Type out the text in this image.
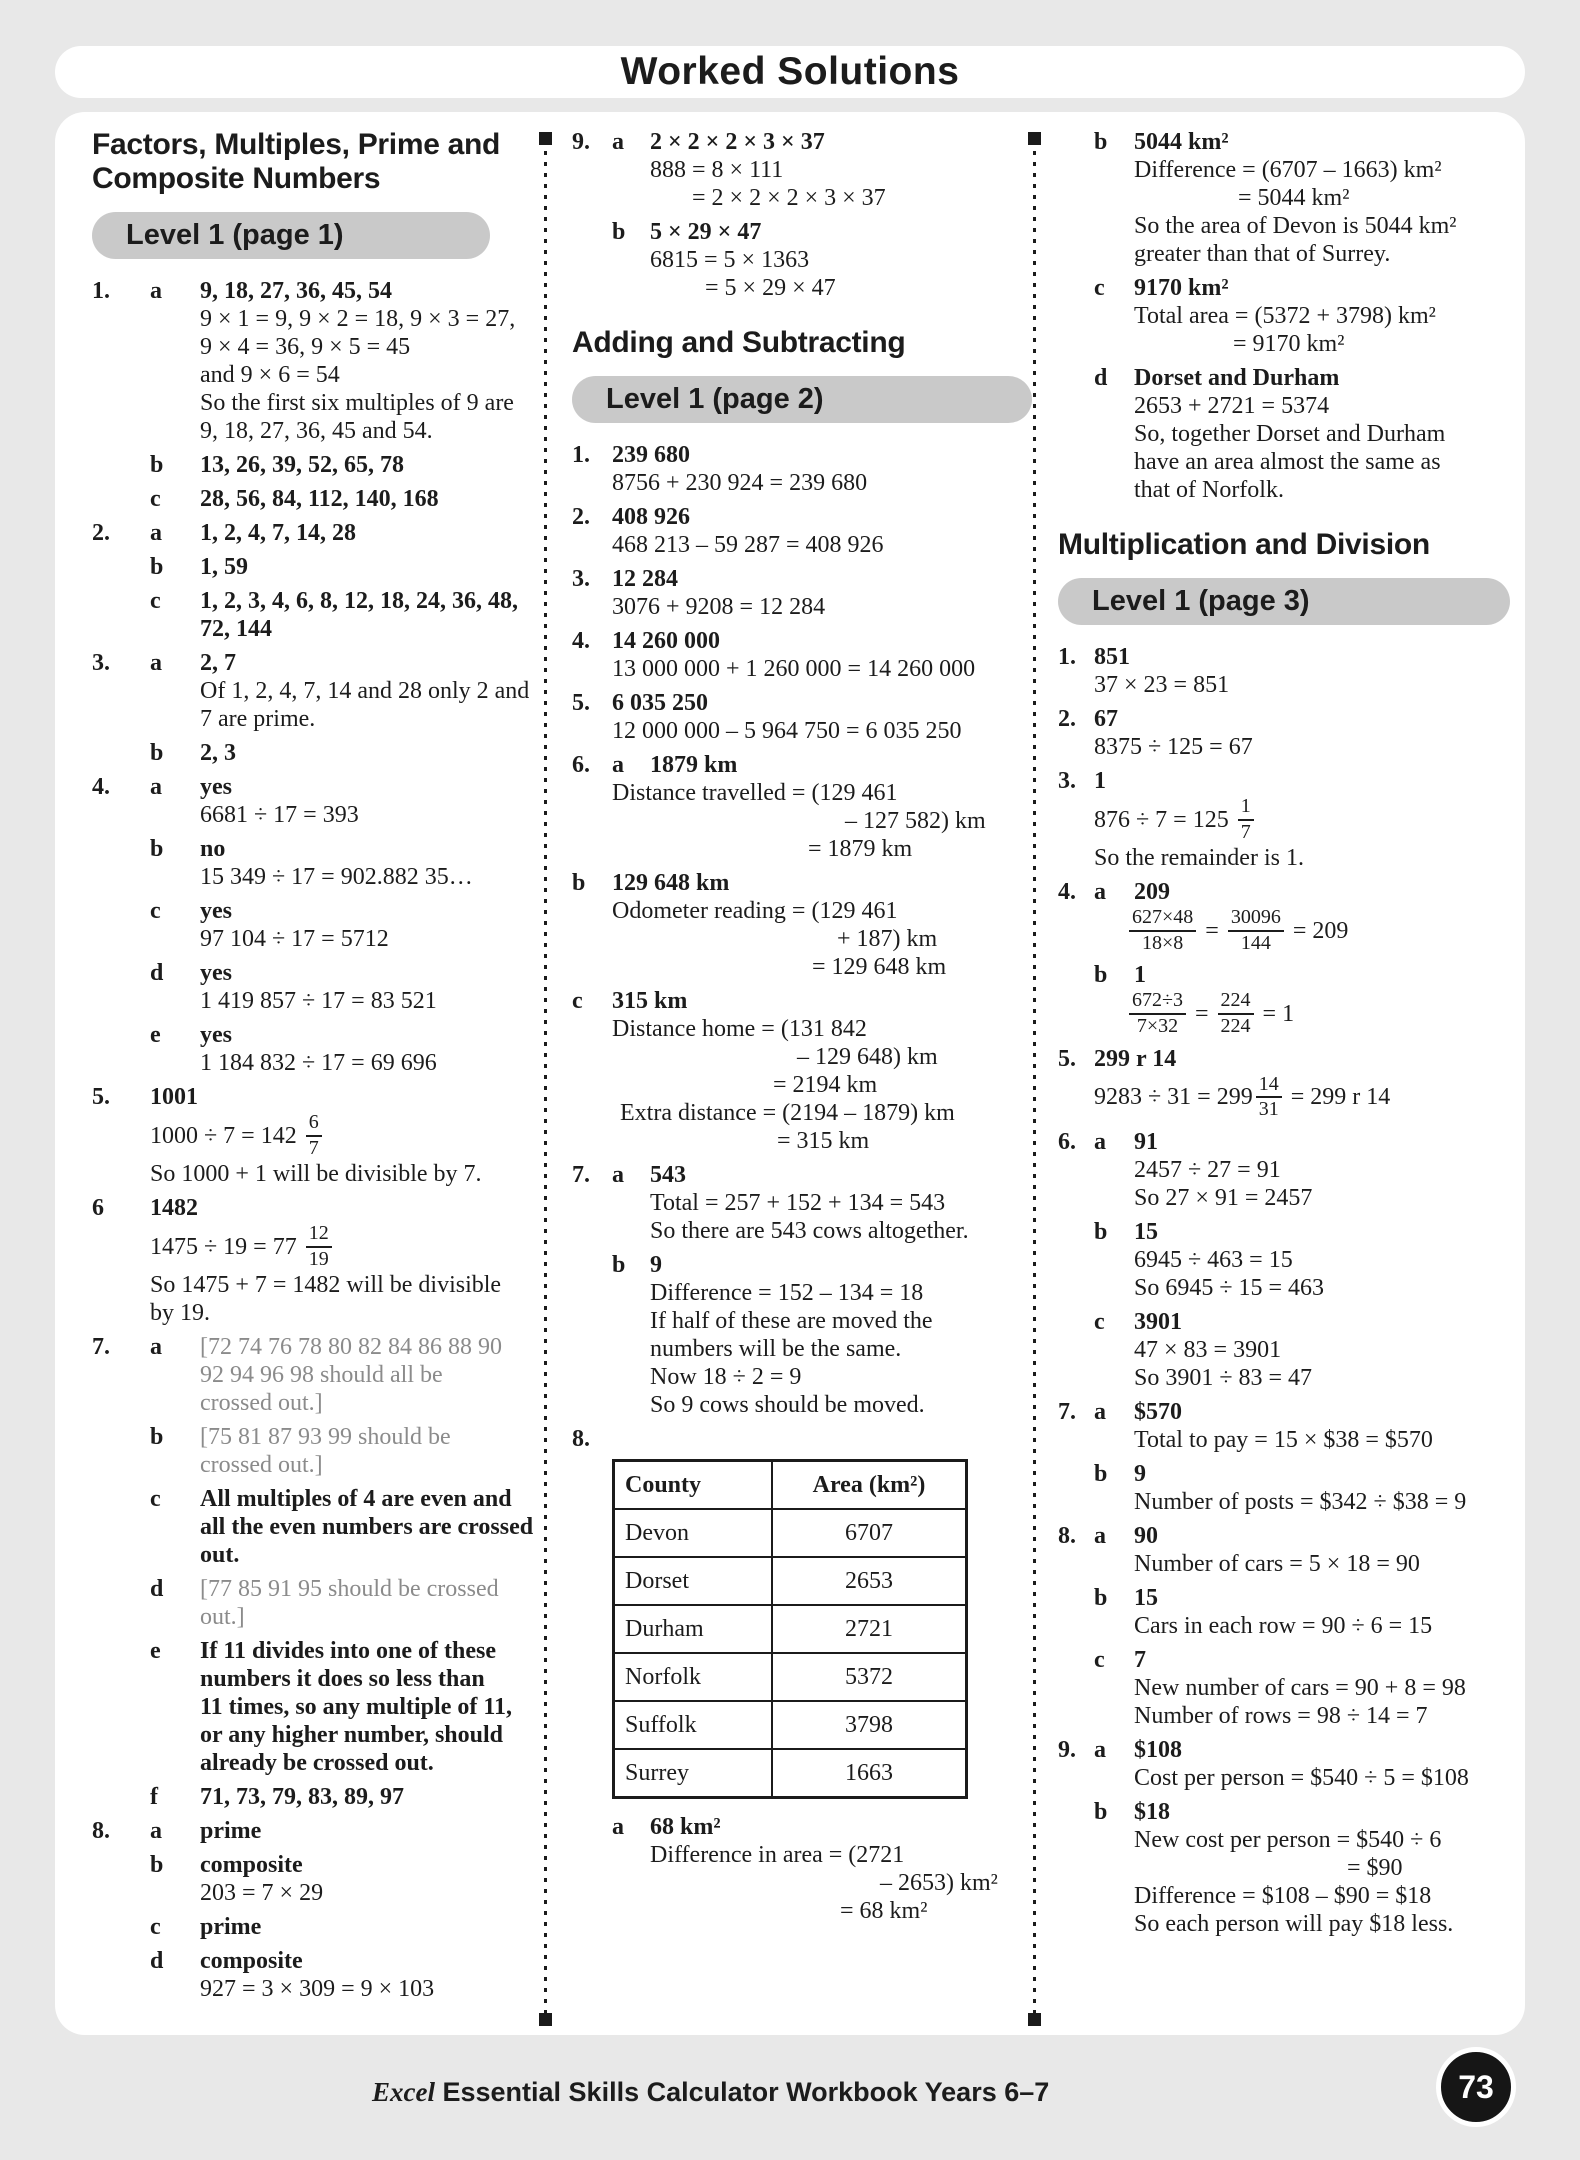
Worked Solutions
Factors, Multiples, Prime and Composite Numbers
Level 1 (page 1)
1.	a	9, 18, 27, 36, 45, 54
9 × 1 = 9, 9 × 2 = 18, 9 × 3 = 27,
9 × 4 = 36, 9 × 5 = 45
and 9 × 6 = 54
So the first six multiples of 9 are
9, 18, 27, 36, 45 and 54.
b	13, 26, 39, 52, 65, 78
c	28, 56, 84, 112, 140, 168
2.	a	1, 2, 4, 7, 14, 28
b	1, 59
c	1, 2, 3, 4, 6, 8, 12, 18, 24, 36, 48,
72, 144
3.	a	2, 7
Of 1, 2, 4, 7, 14 and 28 only 2 and
7 are prime.
b	2, 3
4.	a	yes
6681 ÷ 17 = 393
b	no
15 349 ÷ 17 = 902.882 35…
c	yes
97 104 ÷ 17 = 5712
d	yes
1 419 857 ÷ 17 = 83 521
e	yes
1 184 832 ÷ 17 = 69 696
5.	1001
$1000 \div 7 = 142 \frac{6}{7}$
So 1000 + 1 will be divisible by 7.
6	1482
$1475 \div 19 = 77 \frac{12}{19}$
So 1475 + 7 = 1482 will be divisible
by 19.
7.	a	[72 74 76 78 80 82 84 86 88 90
92 94 96 98 should all be
crossed out.]
b	[75 81 87 93 99 should be
crossed out.]
c	All multiples of 4 are even and
all the even numbers are crossed
out.
d	[77 85 91 95 should be crossed
out.]
e	If 11 divides into one of these
numbers it does so less than
11 times, so any multiple of 11,
or any higher number, should
already be crossed out.
f	71, 73, 79, 83, 89, 97
8.	a	prime
b	composite
203 = 7 × 29
c	prime
d	composite
927 = 3 × 309 = 9 × 103
9. a	2 × 2 × 2 × 3 × 37
888 = 8 × 111
= 2 × 2 × 2 × 3 × 37
b	5 × 29 × 47
6815 = 5 × 1363
= 5 × 29 × 47
Adding and Subtracting
Level 1 (page 2)
1. 239 680
8756 + 230 924 = 239 680
2. 408 926
468 213 – 59 287 = 408 926
3. 12 284
3076 + 9208 = 12 284
4. 14 260 000
13 000 000 + 1 260 000 = 14 260 000
5. 6 035 250
12 000 000 – 5 964 750 = 6 035 250
6. a	1879 km
Distance travelled = (129 461
– 127 582) km
= 1879 km
b	129 648 km
Odometer reading = (129 461
+ 187) km
= 129 648 km
c	315 km
Distance home = (131 842
– 129 648) km
= 2194 km
Extra distance = (2194 – 1879) km
= 315 km
7. a	543
Total = 257 + 152 + 134 = 543
So there are 543 cows altogether.
b	9
Difference = 152 – 134 = 18
If half of these are moved the
numbers will be the same.
Now 18 ÷ 2 = 9
So 9 cows should be moved.
8.
County	Area (km²)
Devon	6707
Dorset	2653
Durham	2721
Norfolk	5372
Suffolk	3798
Surrey	1663
a	68 km²
Difference in area = (2721
– 2653) km²
= 68 km²
b	5044 km²
Difference = (6707 – 1663) km²
= 5044 km²
So the area of Devon is 5044 km²
greater than that of Surrey.
c	9170 km²
Total area = (5372 + 3798) km²
= 9170 km²
d	Dorset and Durham
2653 + 2721 = 5374
So, together Dorset and Durham
have an area almost the same as
that of Norfolk.
Multiplication and Division
Level 1 (page 3)
1. 851
37 × 23 = 851
2. 67
8375 ÷ 125 = 67
3. 1
$876 \div 7 = 125 \frac{1}{7}$
So the remainder is 1.
4. a	209
$\frac{627\times 48}{18\times 8} = \frac{30096}{144} = 209$
b	1
$\frac{672\div 3}{7\times 32} = \frac{224}{224} = 1$
5. 299 r 14
$9283 \div 31 = 299 \frac{14}{31} = 299$ r 14
6. a	91
2457 ÷ 27 = 91
So 27 × 91 = 2457
b	15
6945 ÷ 463 = 15
So 6945 ÷ 15 = 463
c	3901
47 × 83 = 3901
So 3901 ÷ 83 = 47
7. a	$570
Total to pay = 15 × $38 = $570
b	9
Number of posts = $342 ÷ $38 = 9
8. a	90
Number of cars = 5 × 18 = 90
b	15
Cars in each row = 90 ÷ 6 = 15
c	7
New number of cars = 90 + 8 = 98
Number of rows = 98 ÷ 14 = 7
9. a	$108
Cost per person = $540 ÷ 5 = $108
b	$18
New cost per person = $540 ÷ 6
= $90
Difference = $108 – $90 = $18
So each person will pay $18 less.
Excel Essential Skills Calculator Workbook Years 6–7	73
